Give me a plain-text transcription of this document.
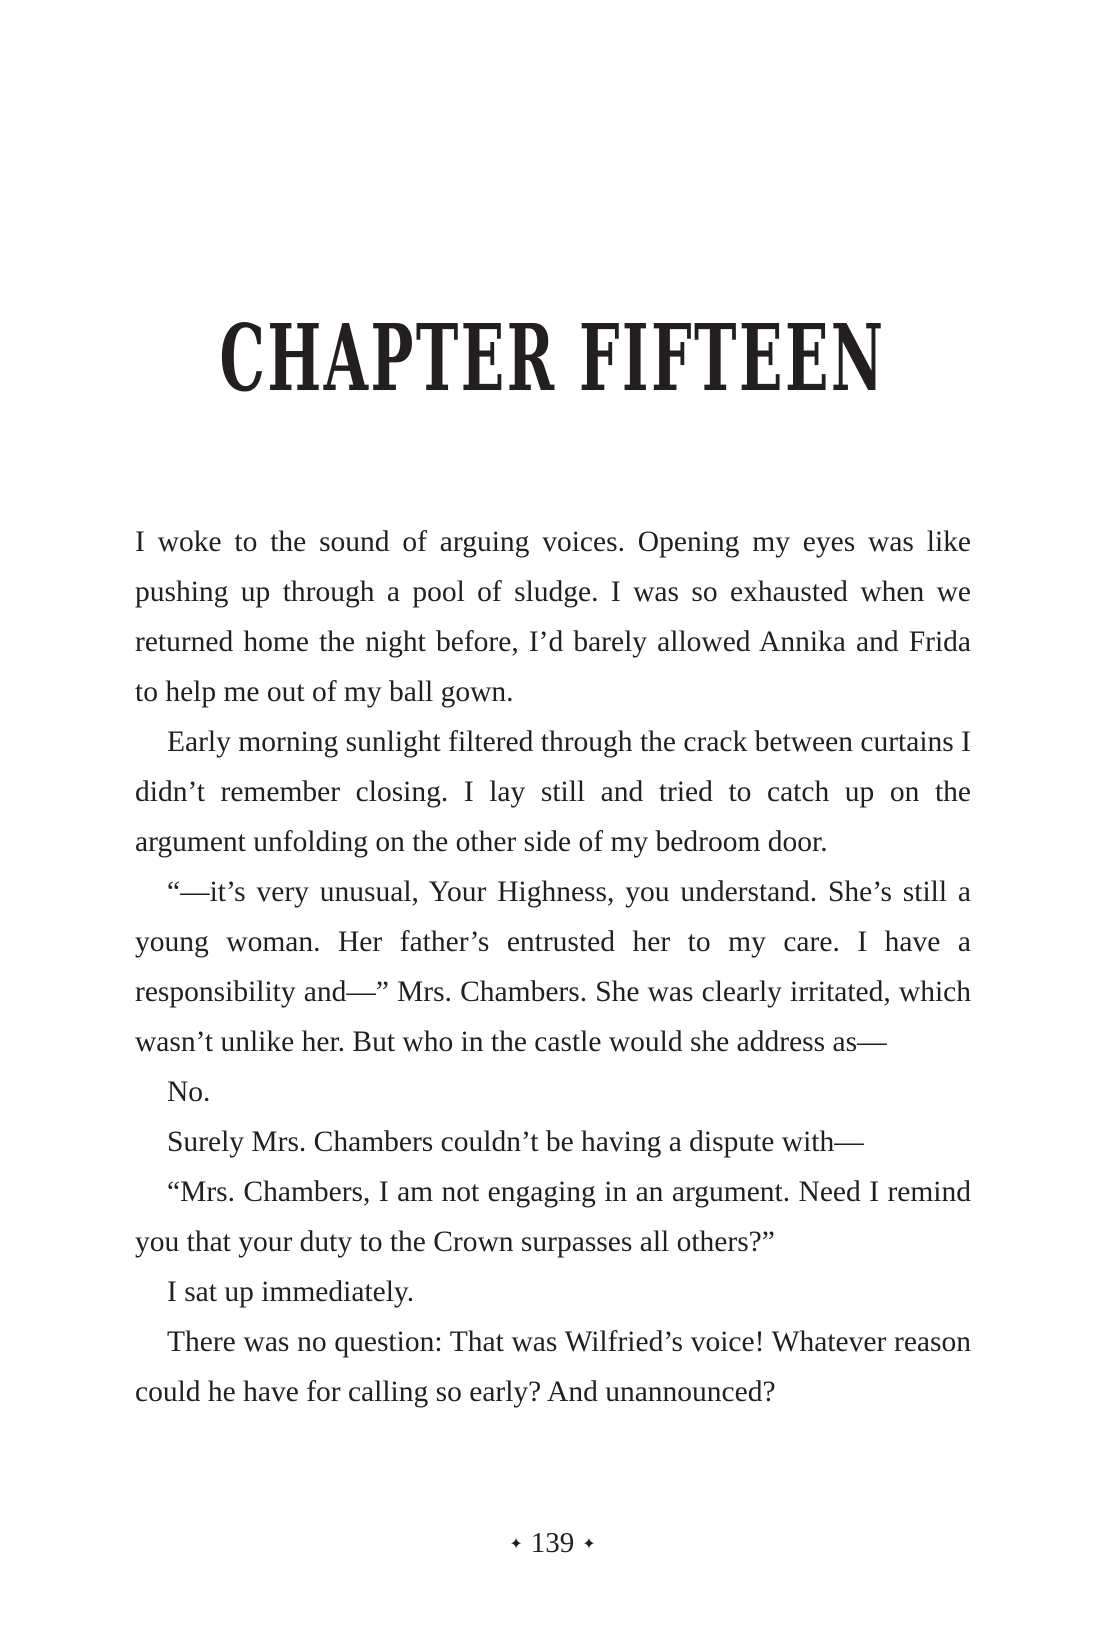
CHAPTER FIFTEEN

I woke to the sound of arguing voices. Opening my eyes was like pushing up through a pool of sludge. I was so exhausted when we returned home the night before, I’d barely allowed Annika and Frida to help me out of my ball gown.

Early morning sunlight filtered through the crack between curtains I didn’t remember closing. I lay still and tried to catch up on the argument unfolding on the other side of my bedroom door.

“—it’s very unusual, Your Highness, you understand. She’s still a young woman. Her father’s entrusted her to my care. I have a responsibility and—” Mrs. Chambers. She was clearly irritated, which wasn’t unlike her. But who in the castle would she address as—

No.

Surely Mrs. Chambers couldn’t be having a dispute with—

“Mrs. Chambers, I am not engaging in an argument. Need I remind you that your duty to the Crown surpasses all others?”

I sat up immediately.

There was no question: That was Wilfried’s voice! Whatever reason could he have for calling so early? And unannounced?

✦ 139 ✦
